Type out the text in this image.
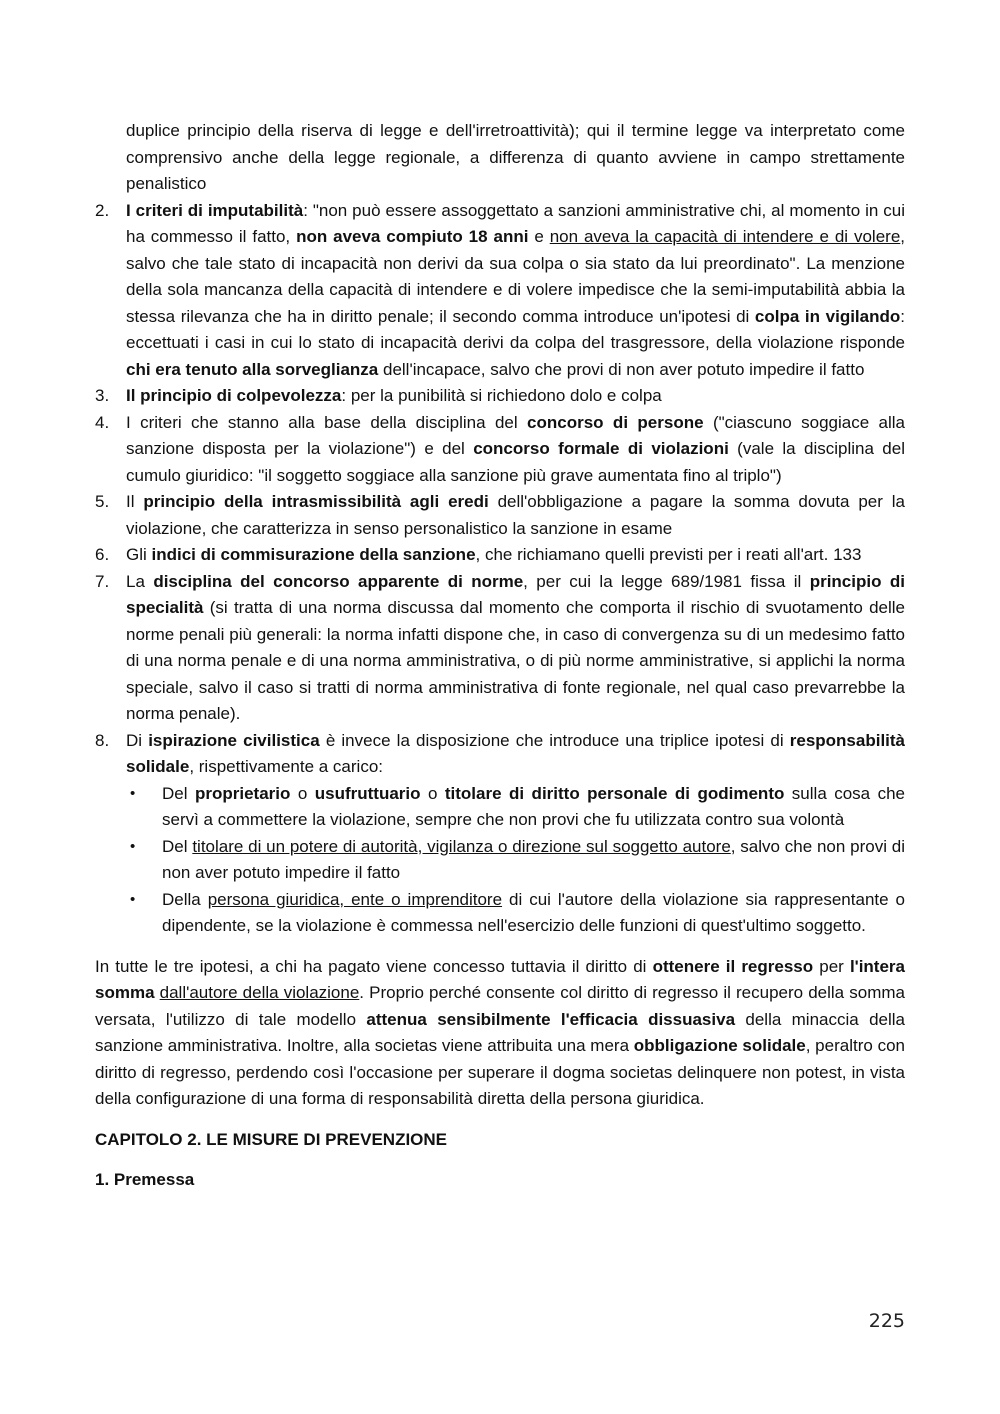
duplice principio della riserva di legge e dell'irretroattività); qui il termine legge va interpretato come comprensivo anche della legge regionale, a differenza di quanto avviene in campo strettamente penalistico

2. I criteri di imputabilità: "non può essere assoggettato a sanzioni amministrative chi, al momento in cui ha commesso il fatto, non aveva compiuto 18 anni e non aveva la capacità di intendere e di volere, salvo che tale stato di incapacità non derivi da sua colpa o sia stato da lui preordinato". La menzione della sola mancanza della capacità di intendere e di volere impedisce che la semi-imputabilità abbia la stessa rilevanza che ha in diritto penale; il secondo comma introduce un'ipotesi di colpa in vigilando: eccettuati i casi in cui lo stato di incapacità derivi da colpa del trasgressore, della violazione risponde chi era tenuto alla sorveglianza dell'incapace, salvo che provi di non aver potuto impedire il fatto
3. Il principio di colpevolezza: per la punibilità si richiedono dolo e colpa
4. I criteri che stanno alla base della disciplina del concorso di persone ("ciascuno soggiace alla sanzione disposta per la violazione") e del concorso formale di violazioni (vale la disciplina del cumulo giuridico: "il soggetto soggiace alla sanzione più grave aumentata fino al triplo")
5. Il principio della intrasmissibilità agli eredi dell'obbligazione a pagare la somma dovuta per la violazione, che caratterizza in senso personalistico la sanzione in esame
6. Gli indici di commisurazione della sanzione, che richiamano quelli previsti per i reati all'art. 133
7. La disciplina del concorso apparente di norme, per cui la legge 689/1981 fissa il principio di specialità (si tratta di una norma discussa dal momento che comporta il rischio di svuotamento delle norme penali più generali: la norma infatti dispone che, in caso di convergenza su di un medesimo fatto di una norma penale e di una norma amministrativa, o di più norme amministrative, si applichi la norma speciale, salvo il caso si tratti di norma amministrativa di fonte regionale, nel qual caso prevarrebbe la norma penale).
8. Di ispirazione civilistica è invece la disposizione che introduce una triplice ipotesi di responsabilità solidale, rispettivamente a carico:
• Del proprietario o usufruttuario o titolare di diritto personale di godimento sulla cosa che servì a commettere la violazione, sempre che non provi che fu utilizzata contro sua volontà
• Del titolare di un potere di autorità, vigilanza o direzione sul soggetto autore, salvo che non provi di non aver potuto impedire il fatto
• Della persona giuridica, ente o imprenditore di cui l'autore della violazione sia rappresentante o dipendente, se la violazione è commessa nell'esercizio delle funzioni di quest'ultimo soggetto.

In tutte le tre ipotesi, a chi ha pagato viene concesso tuttavia il diritto di ottenere il regresso per l'intera somma dall'autore della violazione. Proprio perché consente col diritto di regresso il recupero della somma versata, l'utilizzo di tale modello attenua sensibilmente l'efficacia dissuasiva della minaccia della sanzione amministrativa. Inoltre, alla societas viene attribuita una mera obbligazione solidale, peraltro con diritto di regresso, perdendo così l'occasione per superare il dogma societas delinquere non potest, in vista della configurazione di una forma di responsabilità diretta della persona giuridica.

CAPITOLO 2. LE MISURE DI PREVENZIONE

1. Premessa

225
